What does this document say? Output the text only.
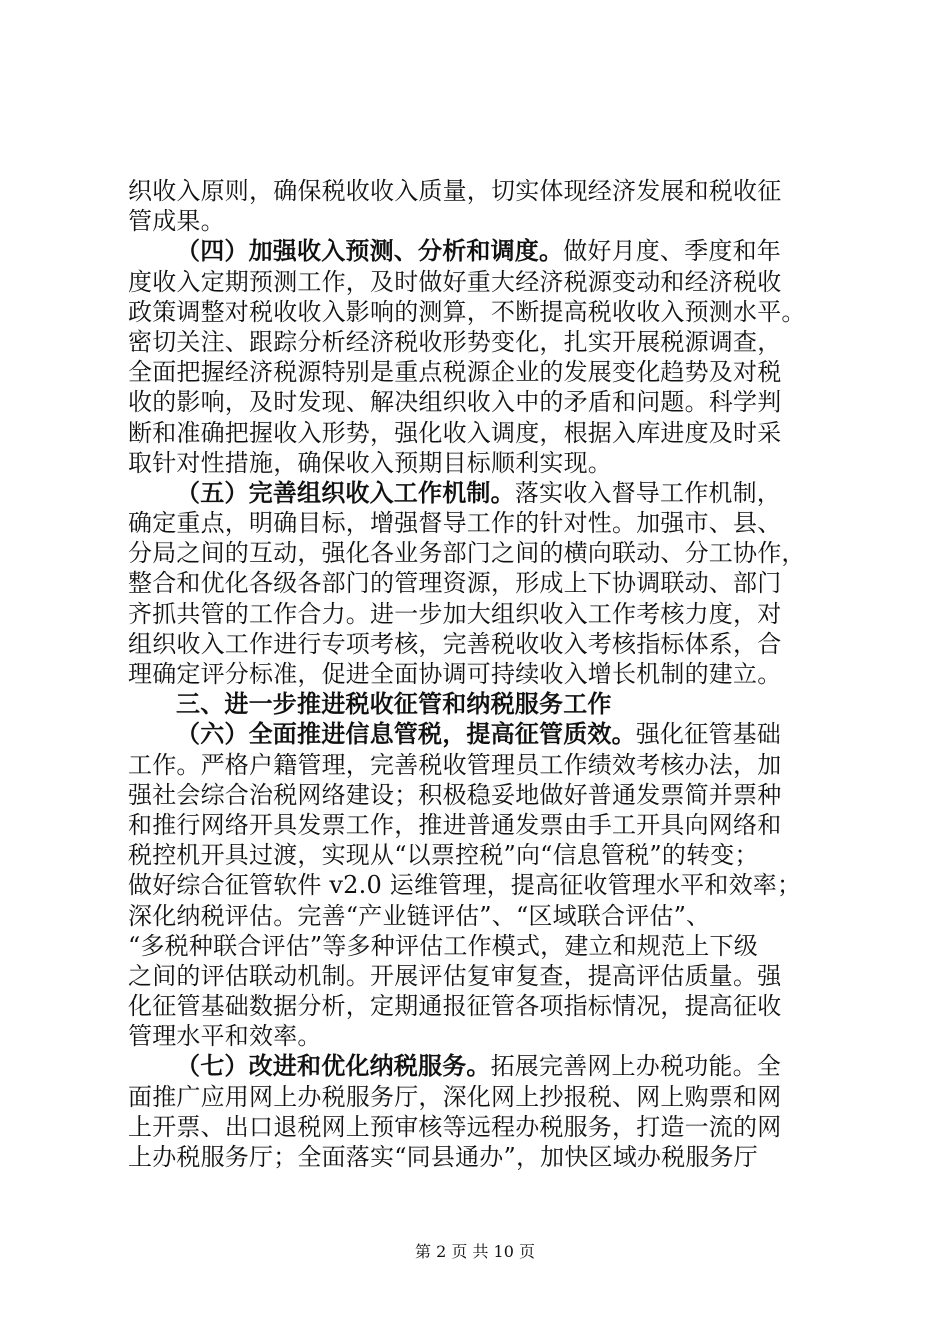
织收入原则，确保税收收入质量，切实体现经济发展和税收征
管成果。
（四）加强收入预测、分析和调度。做好月度、季度和年
度收入定期预测工作，及时做好重大经济税源变动和经济税收
政策调整对税收收入影响的测算，不断提高税收收入预测水平。
密切关注、跟踪分析经济税收形势变化，扎实开展税源调查，
全面把握经济税源特别是重点税源企业的发展变化趋势及对税
收的影响，及时发现、解决组织收入中的矛盾和问题。科学判
断和准确把握收入形势，强化收入调度，根据入库进度及时采
取针对性措施，确保收入预期目标顺利实现。
（五）完善组织收入工作机制。落实收入督导工作机制，
确定重点，明确目标，增强督导工作的针对性。加强市、县、
分局之间的互动，强化各业务部门之间的横向联动、分工协作，
整合和优化各级各部门的管理资源，形成上下协调联动、部门
齐抓共管的工作合力。进一步加大组织收入工作考核力度，对
组织收入工作进行专项考核，完善税收收入考核指标体系，合
理确定评分标准，促进全面协调可持续收入增长机制的建立。
三、进一步推进税收征管和纳税服务工作
（六）全面推进信息管税，提高征管质效。强化征管基础
工作。严格户籍管理，完善税收管理员工作绩效考核办法，加
强社会综合治税网络建设；积极稳妥地做好普通发票简并票种
和推行网络开具发票工作，推进普通发票由手工开具向网络和
税控机开具过渡，实现从“以票控税”向“信息管税”的转变；
做好综合征管软件 v2.0 运维管理，提高征收管理水平和效率；
深化纳税评估。完善“产业链评估”、“区域联合评估”、
“多税种联合评估”等多种评估工作模式，建立和规范上下级
之间的评估联动机制。开展评估复审复查，提高评估质量。强
化征管基础数据分析，定期通报征管各项指标情况，提高征收
管理水平和效率。
（七）改进和优化纳税服务。拓展完善网上办税功能。全
面推广应用网上办税服务厅，深化网上抄报税、网上购票和网
上开票、出口退税网上预审核等远程办税服务，打造一流的网
上办税服务厅；全面落实“同县通办”，加快区域办税服务厅
第 2 页 共 10 页
